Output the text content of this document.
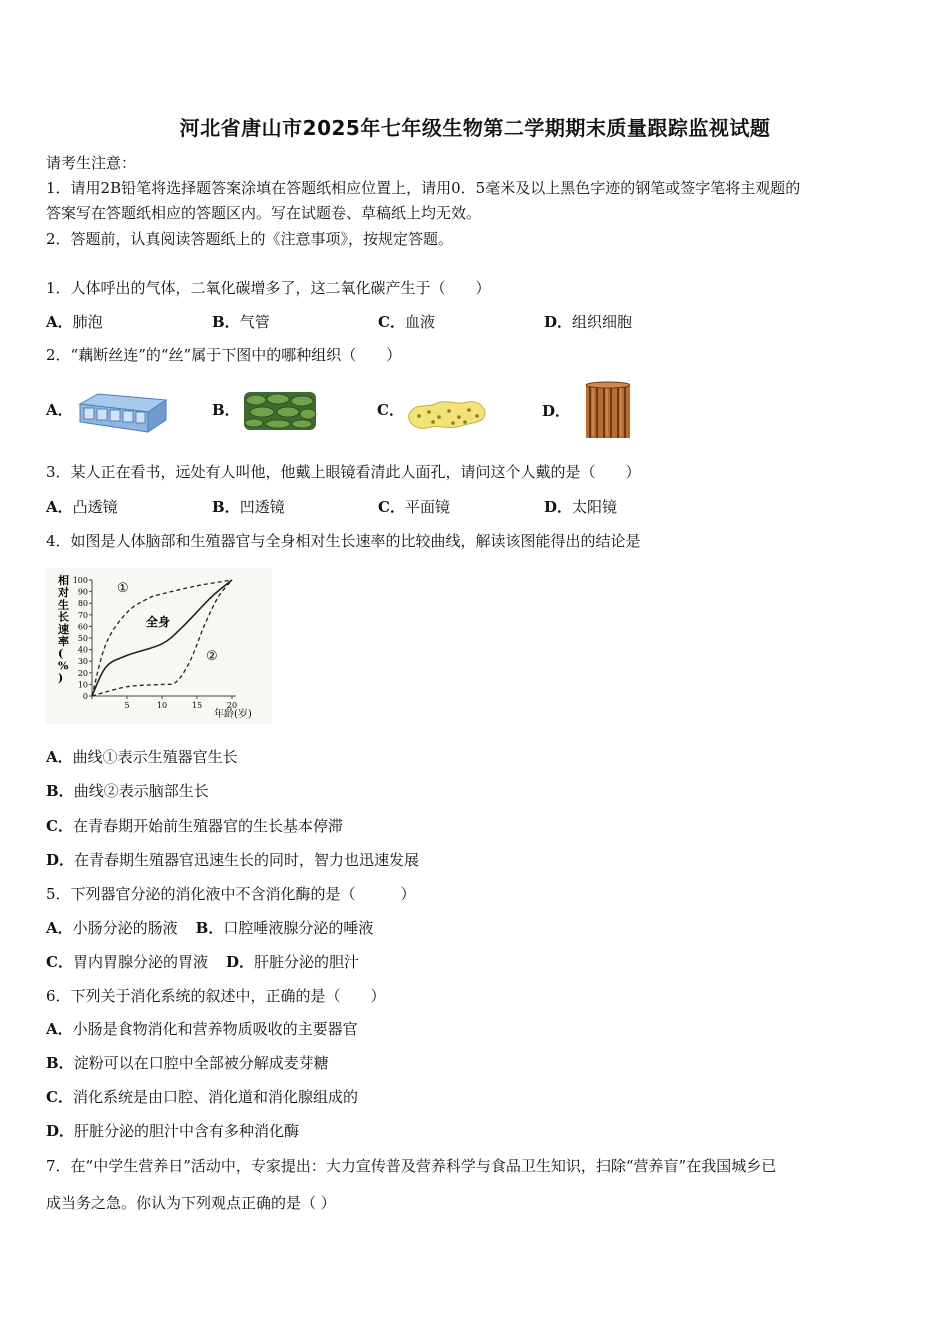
河北省唐山市2025年七年级生物第二学期期末质量跟踪监视试题
请考生注意：
1．请用2B铅笔将选择题答案涂填在答题纸相应位置上，请用0．5毫米及以上黑色字迹的钢笔或签字笔将主观题的
答案写在答题纸相应的答题区内。写在试题卷、草稿纸上均无效。
2．答题前，认真阅读答题纸上的《注意事项》，按规定答题。
1．人体呼出的气体，二氧化碳增多了，这二氧化碳产生于（　　）
A．肺泡	B．气管	C．血液	D．组织细胞
2．“藕断丝连”的“丝”属于下图中的哪种组织（　　）
A．	B．	C．	D．
3．某人正在看书，远处有人叫他，他戴上眼镜看清此人面孔，请问这个人戴的是（　　）
A．凸透镜	B．凹透镜	C．平面镜	D．太阳镜
4．如图是人体脑部和生殖器官与全身相对生长速率的比较曲线，解读该图能得出的结论是
相对生长速率( % )
0
10
20
30
40
50
60
70
80
90
100
5	10	15	20
①
全身
②
年龄(岁)
A．曲线①表示生殖器官生长
B．曲线②表示脑部生长
C．在青春期开始前生殖器官的生长基本停滞
D．在青春期生殖器官迅速生长的同时，智力也迅速发展
5．下列器官分泌的消化液中不含消化酶的是（　　　）
A．小肠分泌的肠液 B．口腔唾液腺分泌的唾液
C．胃内胃腺分泌的胃液 D．肝脏分泌的胆汁
6．下列关于消化系统的叙述中，正确的是（　　）
A．小肠是食物消化和营养物质吸收的主要器官
B．淀粉可以在口腔中全部被分解成麦芽糖
C．消化系统是由口腔、消化道和消化腺组成的
D．肝脏分泌的胆汁中含有多种消化酶
7．在“中学生营养日”活动中，专家提出：大力宣传普及营养科学与食品卫生知识，扫除“营养盲”在我国城乡已
成当务之急。你认为下列观点正确的是（ ）
